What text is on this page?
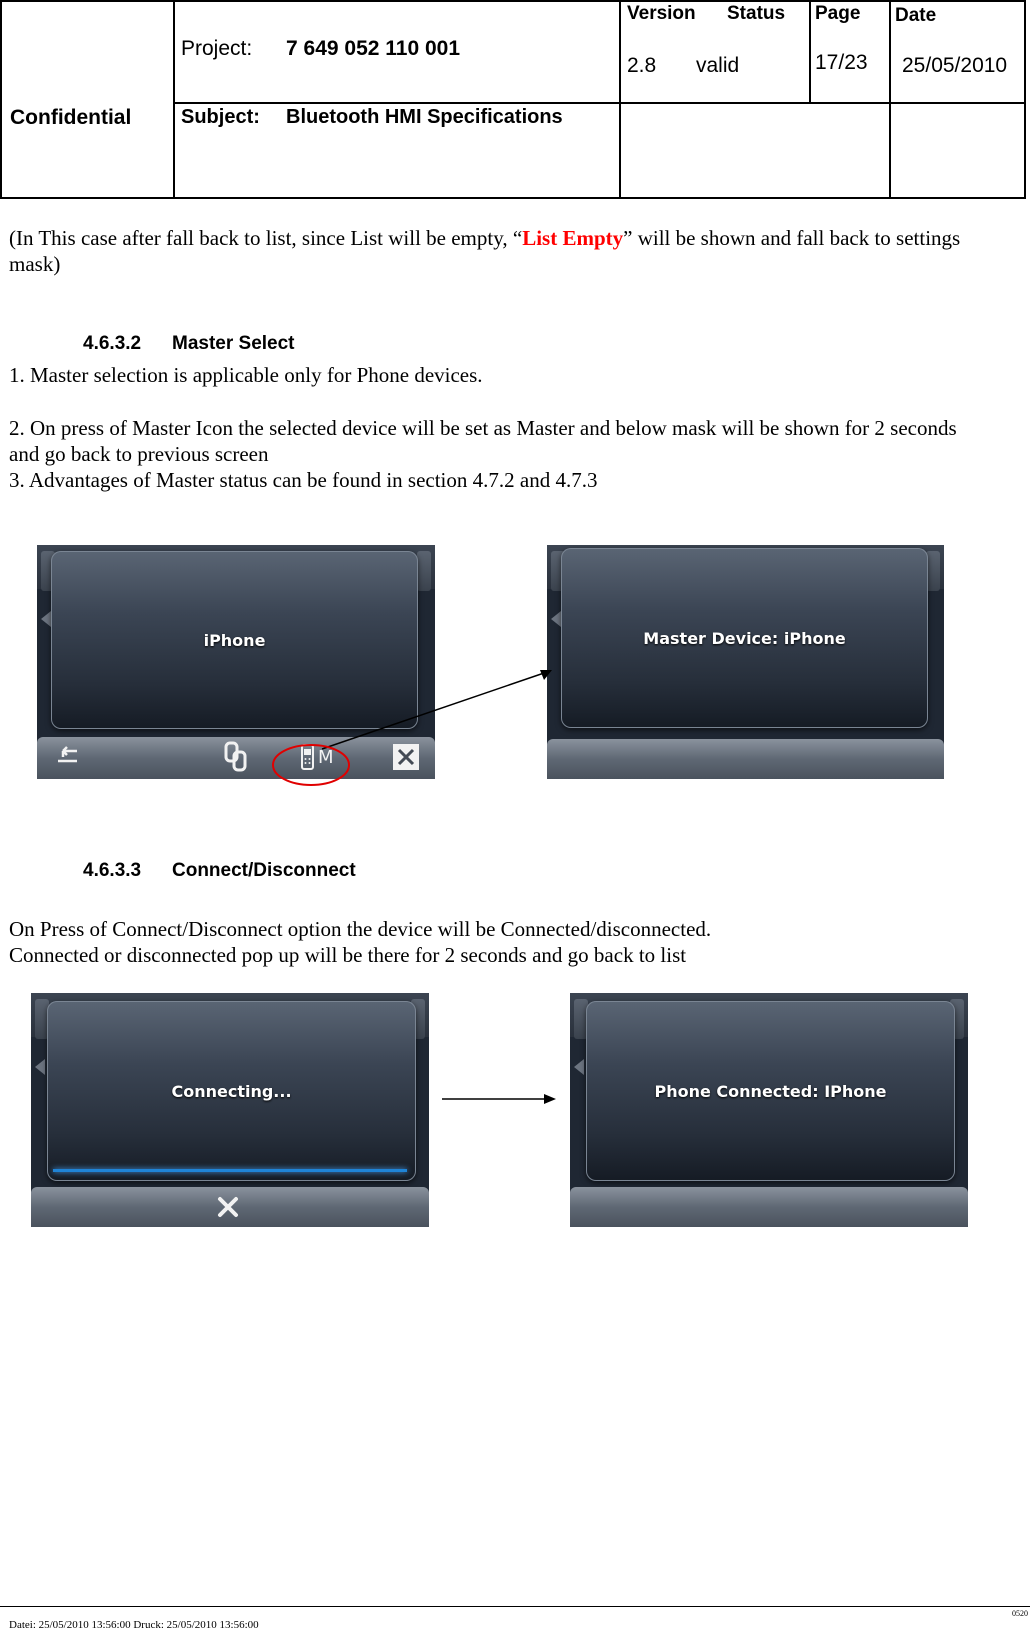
Confidential
Project: 7 649 052 110 001
Subject: Bluetooth HMI Specifications
Version Status
2.8 valid
Page
17/23
Date
25/05/2010
(In This case after fall back to list, since List will be empty, “List Empty” will be shown and fall back to settings mask)
4.6.3.2 Master Select
1. Master selection is applicable only for Phone devices.
2. On press of Master Icon the selected device will be set as Master and below mask will be shown for 2 seconds and go back to previous screen
3. Advantages of Master status can be found in section 4.7.2 and 4.7.3
iPhone
M
Master Device: iPhone
4.6.3.3 Connect/Disconnect
On Press of Connect/Disconnect option the device will be Connected/disconnected.
Connected or disconnected pop up will be there for 2 seconds and go back to list
Connecting...	Phone Connected: IPhone
0520
Datei: 25/05/2010 13:56:00 Druck: 25/05/2010 13:56:00
